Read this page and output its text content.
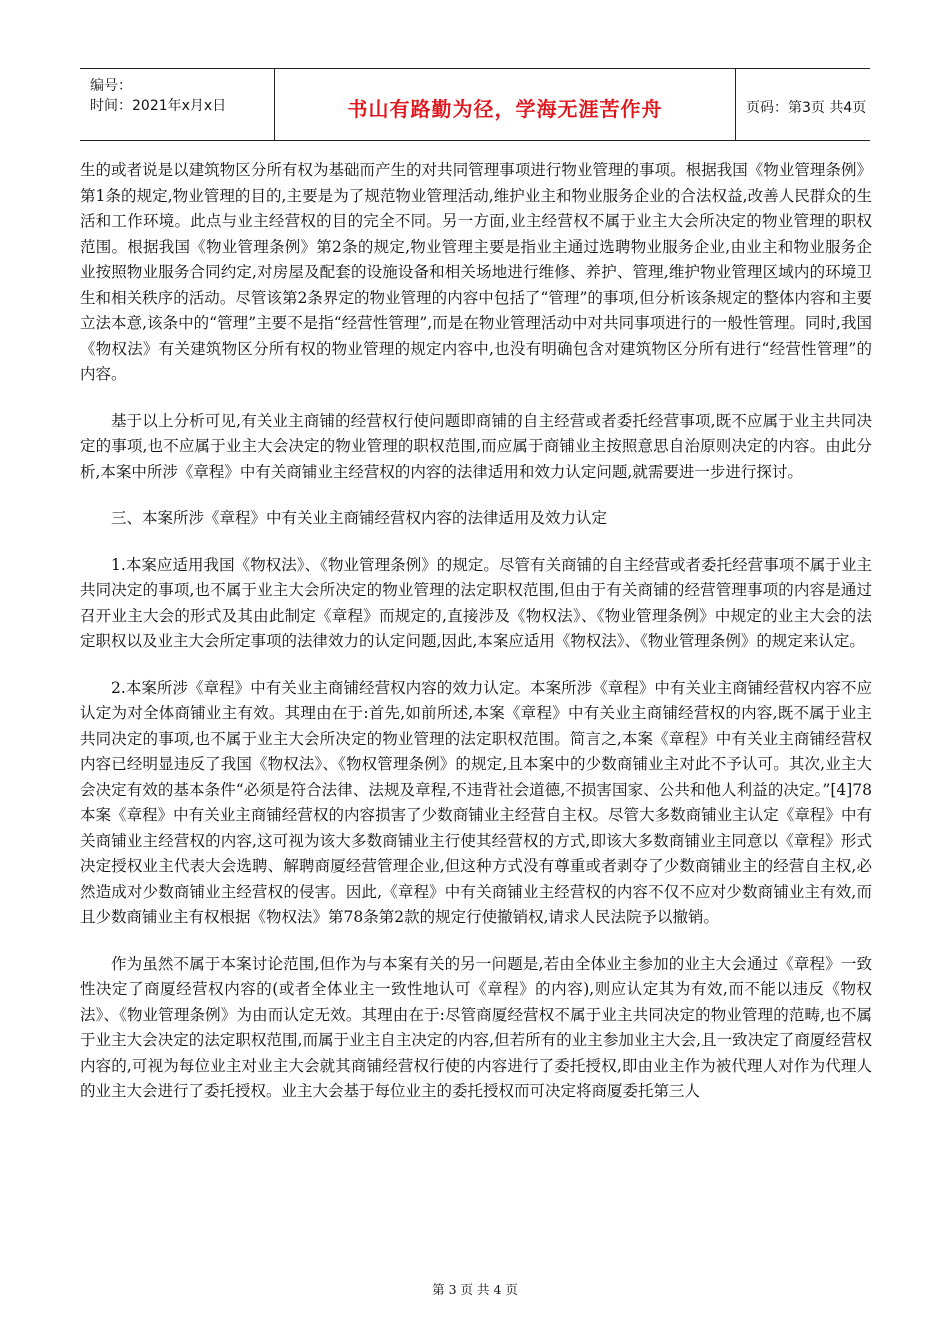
编号：
时间：2021年x月x日	书山有路勤为径，学海无涯苦作舟	页码：第3页 共4页

生的或者说是以建筑物区分所有权为基础而产生的对共同管理事项进行物业管理的事项。根据我国《物业管理条例》第1条的规定,物业管理的目的,主要是为了规范物业管理活动,维护业主和物业服务企业的合法权益,改善人民群众的生活和工作环境。此点与业主经营权的目的完全不同。另一方面,业主经营权不属于业主大会所决定的物业管理的职权范围。根据我国《物业管理条例》第2条的规定,物业管理主要是指业主通过选聘物业服务企业,由业主和物业服务企业按照物业服务合同约定,对房屋及配套的设施设备和相关场地进行维修、养护、管理,维护物业管理区域内的环境卫生和相关秩序的活动。尽管该第2条界定的物业管理的内容中包括了“管理”的事项,但分析该条规定的整体内容和主要立法本意,该条中的“管理”主要不是指“经营性管理”,而是在物业管理活动中对共同事项进行的一般性管理。同时,我国《物权法》有关建筑物区分所有权的物业管理的规定内容中,也没有明确包含对建筑物区分所有进行“经营性管理”的内容。

基于以上分析可见,有关业主商铺的经营权行使问题即商铺的自主经营或者委托经营事项,既不应属于业主共同决定的事项,也不应属于业主大会决定的物业管理的职权范围,而应属于商铺业主按照意思自治原则决定的内容。由此分析,本案中所涉《章程》中有关商铺业主经营权的内容的法律适用和效力认定问题,就需要进一步进行探讨。

三、本案所涉《章程》中有关业主商铺经营权内容的法律适用及效力认定

1.本案应适用我国《物权法》、《物业管理条例》的规定。尽管有关商铺的自主经营或者委托经营事项不属于业主共同决定的事项,也不属于业主大会所决定的物业管理的法定职权范围,但由于有关商铺的经营管理事项的内容是通过召开业主大会的形式及其由此制定《章程》而规定的,直接涉及《物权法》、《物业管理条例》中规定的业主大会的法定职权以及业主大会所定事项的法律效力的认定问题,因此,本案应适用《物权法》、《物业管理条例》的规定来认定。

2.本案所涉《章程》中有关业主商铺经营权内容的效力认定。本案所涉《章程》中有关业主商铺经营权内容不应认定为对全体商铺业主有效。其理由在于:首先,如前所述,本案《章程》中有关业主商铺经营权的内容,既不属于业主共同决定的事项,也不属于业主大会所决定的物业管理的法定职权范围。简言之,本案《章程》中有关业主商铺经营权内容已经明显违反了我国《物权法》、《物权管理条例》的规定,且本案中的少数商铺业主对此不予认可。其次,业主大会决定有效的基本条件“必须是符合法律、法规及章程,不违背社会道德,不损害国家、公共和他人利益的决定。”[4]78本案《章程》中有关业主商铺经营权的内容损害了少数商铺业主经营自主权。尽管大多数商铺业主认定《章程》中有关商铺业主经营权的内容,这可视为该大多数商铺业主行使其经营权的方式,即该大多数商铺业主同意以《章程》形式决定授权业主代表大会选聘、解聘商厦经营管理企业,但这种方式没有尊重或者剥夺了少数商铺业主的经营自主权,必然造成对少数商铺业主经营权的侵害。因此,《章程》中有关商铺业主经营权的内容不仅不应对少数商铺业主有效,而且少数商铺业主有权根据《物权法》第78条第2款的规定行使撤销权,请求人民法院予以撤销。

作为虽然不属于本案讨论范围,但作为与本案有关的另一问题是,若由全体业主参加的业主大会通过《章程》一致性决定了商厦经营权内容的(或者全体业主一致性地认可《章程》的内容),则应认定其为有效,而不能以违反《物权法》、《物业管理条例》为由而认定无效。其理由在于:尽管商厦经营权不属于业主共同决定的物业管理的范畴,也不属于业主大会决定的法定职权范围,而属于业主自主决定的内容,但若所有的业主参加业主大会,且一致决定了商厦经营权内容的,可视为每位业主对业主大会就其商铺经营权行使的内容进行了委托授权,即由业主作为被代理人对作为代理人的业主大会进行了委托授权。业主大会基于每位业主的委托授权而可决定将商厦委托第三人

第 3 页 共 4 页
